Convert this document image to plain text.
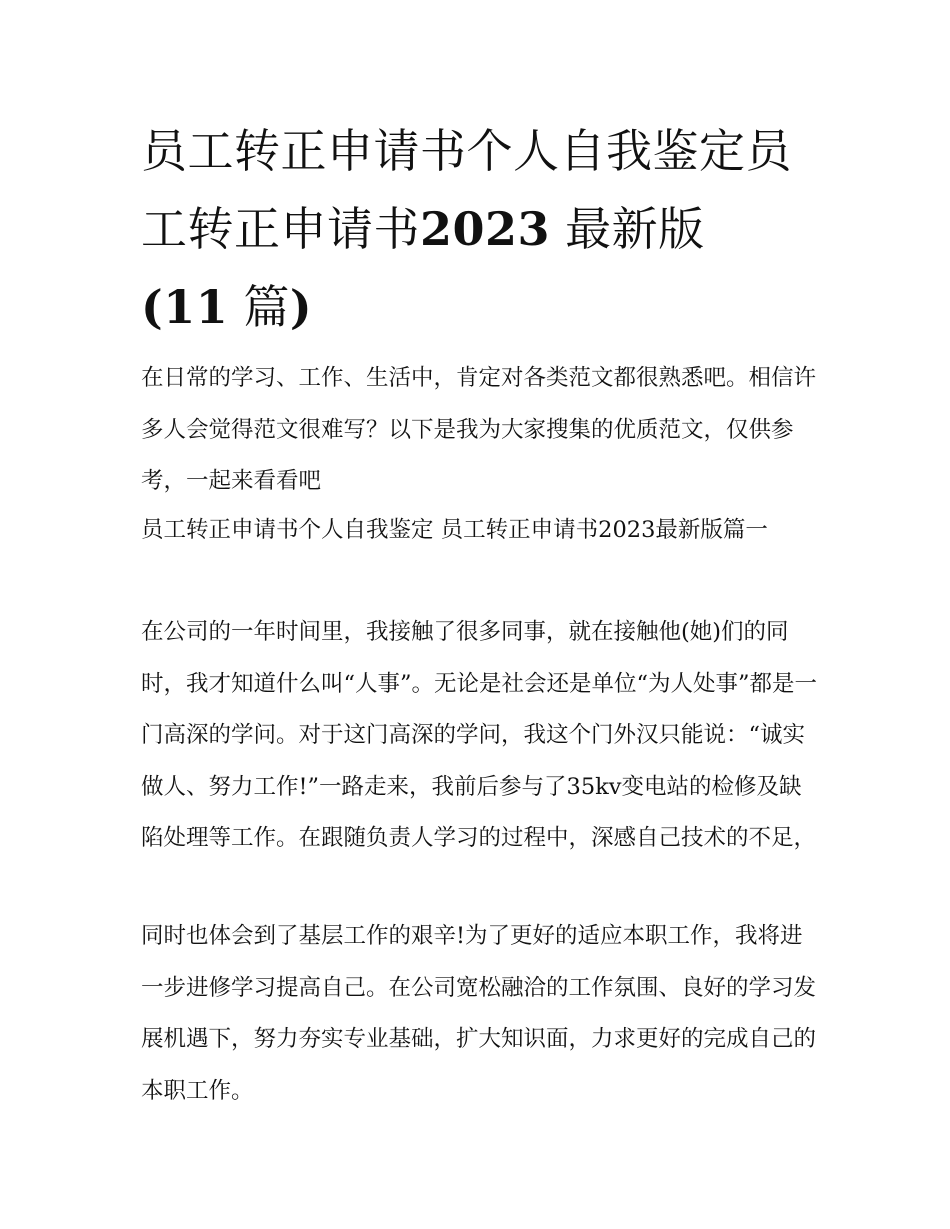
员工转正申请书个人自我鉴定员工转正申请书2023 最新版
(11 篇)

在日常的学习、工作、生活中，肯定对各类范文都很熟悉吧。相信许多人会觉得范文很难写？以下是我为大家搜集的优质范文，仅供参考，一起来看看吧

员工转正申请书个人自我鉴定 员工转正申请书2023最新版篇一

在公司的一年时间里，我接触了很多同事，就在接触他(她)们的同时，我才知道什么叫“人事”。无论是社会还是单位“为人处事”都是一门高深的学问。对于这门高深的学问，我这个门外汉只能说：“诚实做人、努力工作!”一路走来，我前后参与了35kv变电站的检修及缺陷处理等工作。在跟随负责人学习的过程中，深感自己技术的不足，

同时也体会到了基层工作的艰辛!为了更好的适应本职工作，我将进一步进修学习提高自己。在公司宽松融洽的工作氛围、良好的学习发展机遇下，努力夯实专业基础，扩大知识面，力求更好的完成自己的本职工作。
